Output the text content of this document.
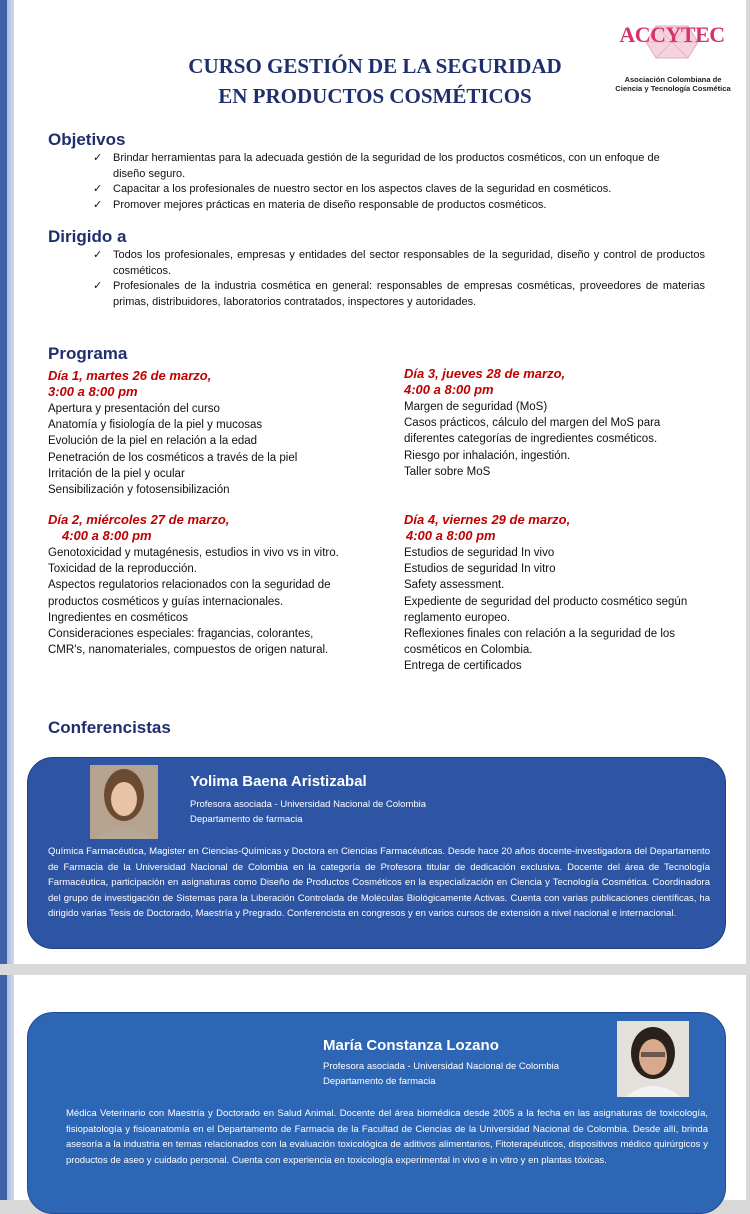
CURSO GESTIÓN DE LA SEGURIDAD
EN PRODUCTOS COSMÉTICOS
ACCYTEC
Asociación Colombiana de
Ciencia y Tecnología Cosmética
Objetivos
✓ Brindar herramientas para la adecuada gestión de la seguridad de los productos cosméticos, con un enfoque de diseño seguro.
✓ Capacitar a los profesionales de nuestro sector en los aspectos claves de la seguridad en cosméticos.
✓ Promover mejores prácticas en materia de diseño responsable de productos cosméticos.
Dirigido a
✓ Todos los profesionales, empresas y entidades del sector responsables de la seguridad, diseño y control de productos cosméticos.
✓ Profesionales de la industria cosmética en general: responsables de empresas cosméticas, proveedores de materias primas, distribuidores, laboratorios contratados, inspectores y autoridades.
Programa
Día 1, martes 26 de marzo,
3:00 a 8:00 pm
Apertura y presentación del curso
Anatomía y fisiología de la piel y mucosas
Evolución de la piel en relación a la edad
Penetración de los cosméticos a través de la piel
Irritación de la piel y ocular
Sensibilización y fotosensibilización
Día 2, miércoles 27 de marzo,
4:00 a 8:00 pm
Genotoxicidad y mutagénesis, estudios in vivo vs in vitro.
Toxicidad de la reproducción.
Aspectos regulatorios relacionados con la seguridad de
productos cosméticos y guías internacionales.
Ingredientes en cosméticos
Consideraciones especiales: fragancias, colorantes,
CMR's, nanomateriales, compuestos de origen natural.
Día 3, jueves 28 de marzo,
4:00 a 8:00 pm
Margen de seguridad (MoS)
Casos prácticos, cálculo del margen del MoS para
diferentes categorías de ingredientes cosméticos.
Riesgo por inhalación, ingestión.
Taller sobre MoS
Día 4, viernes 29 de marzo,
4:00 a 8:00 pm
Estudios de seguridad In vivo
Estudios de seguridad In vitro
Safety assessment.
Expediente de seguridad del producto cosmético según
reglamento europeo.
Reflexiones finales con relación a la seguridad de los
cosméticos en Colombia.
Entrega de certificados
Conferencistas
Yolima Baena Aristizabal
Profesora asociada - Universidad Nacional de Colombia
Departamento de farmacia
Química Farmacéutica, Magister en Ciencias-Químicas y Doctora en Ciencias Farmacéuticas. Desde hace 20 años docente-investigadora del Departamento de Farmacia de la Universidad Nacional de Colombia en la categoría de Profesora titular de dedicación exclusiva. Docente del área de Tecnología Farmacéutica, participación en asignaturas como Diseño de Productos Cosméticos en la especialización en Ciencia y Tecnología Cosmética. Coordinadora del grupo de investigación de Sistemas para la Liberación Controlada de Moléculas Biológicamente Activas. Cuenta con varias publicaciones científicas, ha dirigido varias Tesis de Doctorado, Maestría y Pregrado. Conferencista en congresos y en varios cursos de extensión a nivel nacional e internacional.
María Constanza Lozano
Profesora asociada - Universidad Nacional de Colombia
Departamento de farmacia
Médica Veterinario con Maestría y Doctorado en Salud Animal. Docente del área biomédica desde 2005 a la fecha en las asignaturas de toxicología, fisiopatología y fisioanatomía en el Departamento de Farmacia de la Facultad de Ciencias de la Universidad Nacional de Colombia. Desde allí, brinda asesoría a la industria en temas relacionados con la evaluación toxicológica de aditivos alimentarios, Fitoterapéuticos, dispositivos médico quirúrgicos y productos de aseo y cuidado personal. Cuenta con experiencia en toxicología experimental in vivo e in vitro y en plantas tóxicas.
